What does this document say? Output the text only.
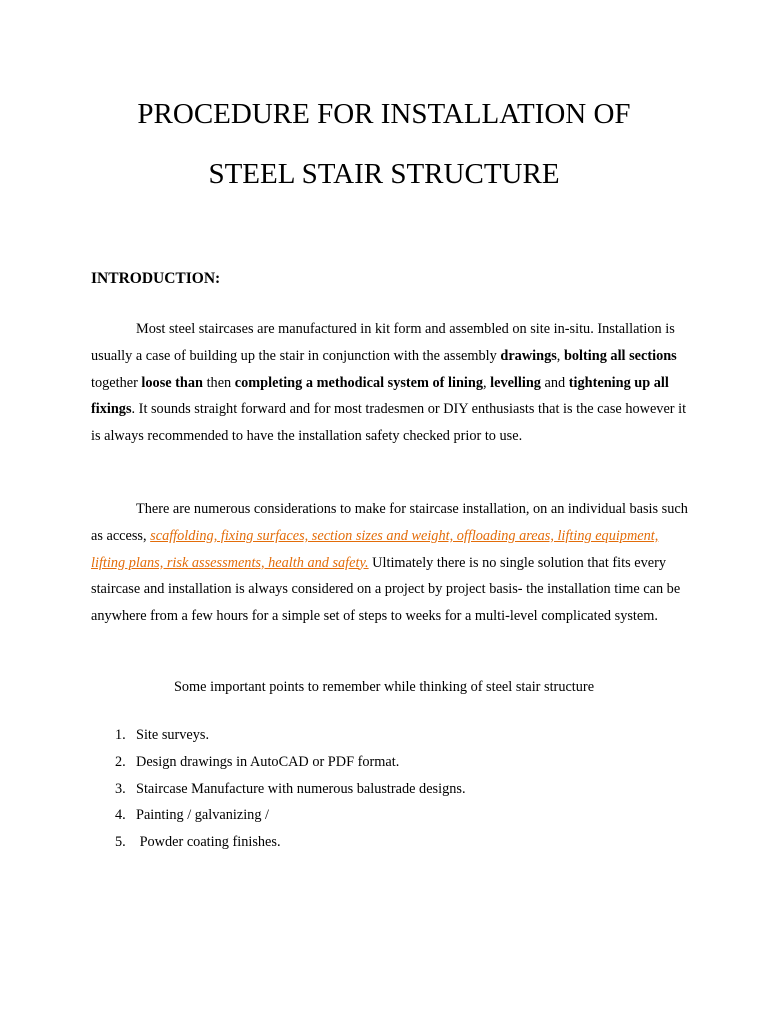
PROCEDURE FOR INSTALLATION OF
STEEL STAIR STRUCTURE
INTRODUCTION:

Most steel staircases are manufactured in kit form and assembled on site in-situ. Installation is usually a case of building up the stair in conjunction with the assembly drawings, bolting all sections together loose than then completing a methodical system of lining, levelling and tightening up all fixings. It sounds straight forward and for most tradesmen or DIY enthusiasts that is the case however it is always recommended to have the installation safety checked prior to use.

There are numerous considerations to make for staircase installation, on an individual basis such as access, scaffolding, fixing surfaces, section sizes and weight, offloading areas, lifting equipment, lifting plans, risk assessments, health and safety. Ultimately there is no single solution that fits every staircase and installation is always considered on a project by project basis- the installation time can be anywhere from a few hours for a simple set of steps to weeks for a multi-level complicated system.

Some important points to remember while thinking of steel stair structure

1. Site surveys.
2. Design drawings in AutoCAD or PDF format.
3. Staircase Manufacture with numerous balustrade designs.
4. Painting / galvanizing /
5. Powder coating finishes.
